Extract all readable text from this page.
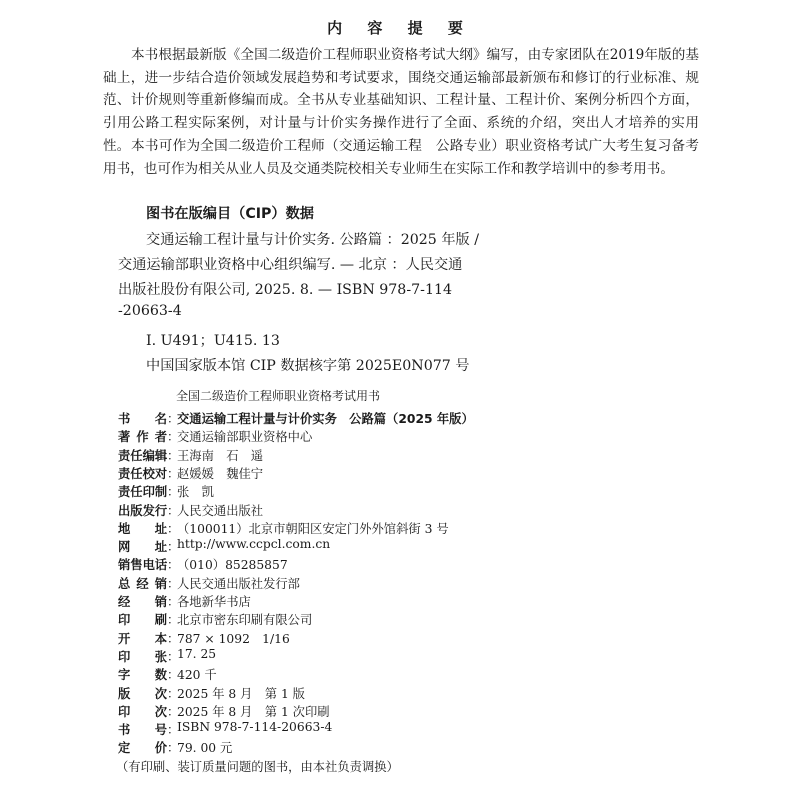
内 容 提 要
本书根据最新版《全国二级造价工程师职业资格考试大纲》编写，由专家团队在2019年版的基础上，进一步结合造价领域发展趋势和考试要求，围绕交通运输部最新颁布和修订的行业标准、规范、计价规则等重新修编而成。全书从专业基础知识、工程计量、工程计价、案例分析四个方面，引用公路工程实际案例，对计量与计价实务操作进行了全面、系统的介绍，突出人才培养的实用性。 本书可作为全国二级造价工程师（交通运输工程　公路专业）职业资格考试广大考生复习备考用书，也可作为相关从业人员及交通类院校相关专业师生在实际工作和教学培训中的参考用书。
图书在版编目（CIP）数据
交通运输工程计量与计价实务. 公路篇 ：2025 年版 /
交通运输部职业资格中心组织编写. — 北京 ：人民交通
出版社股份有限公司, 2025. 8. — ISBN 978-7-114
-20663-4
Ⅰ. U491；U415. 13
中国国家版本馆 CIP 数据核字第 2025E0N077 号
全国二级造价工程师职业资格考试用书
书名 ：
交通运输工程计量与计价实务　公路篇（2025 年版）
著作者 ：
交通运输部职业资格中心
责任编辑 ：
王海南　石　遥
责任校对 ：
赵媛媛　魏佳宁
责任印制 ：
张　凯
出版发行 ：
人民交通出版社
地址 ：
（100011）北京市朝阳区安定门外外馆斜街 3 号
网址 ：
http://www.ccpcl.com.cn
销售电话 ：
（010）85285857
总经销 ：
人民交通出版社发行部
经销 ：
各地新华书店
印刷 ：
北京市密东印刷有限公司
开本 ：
787 × 1092　1/16
印张 ：
17. 25
字数 ：
420 千
版次 ：
2025 年 8 月　第 1 版
印次 ：
2025 年 8 月　第 1 次印刷
书号 ：
ISBN 978-7-114-20663-4
定价 ：
79. 00 元
（有印刷、装订质量问题的图书，由本社负责调换）
